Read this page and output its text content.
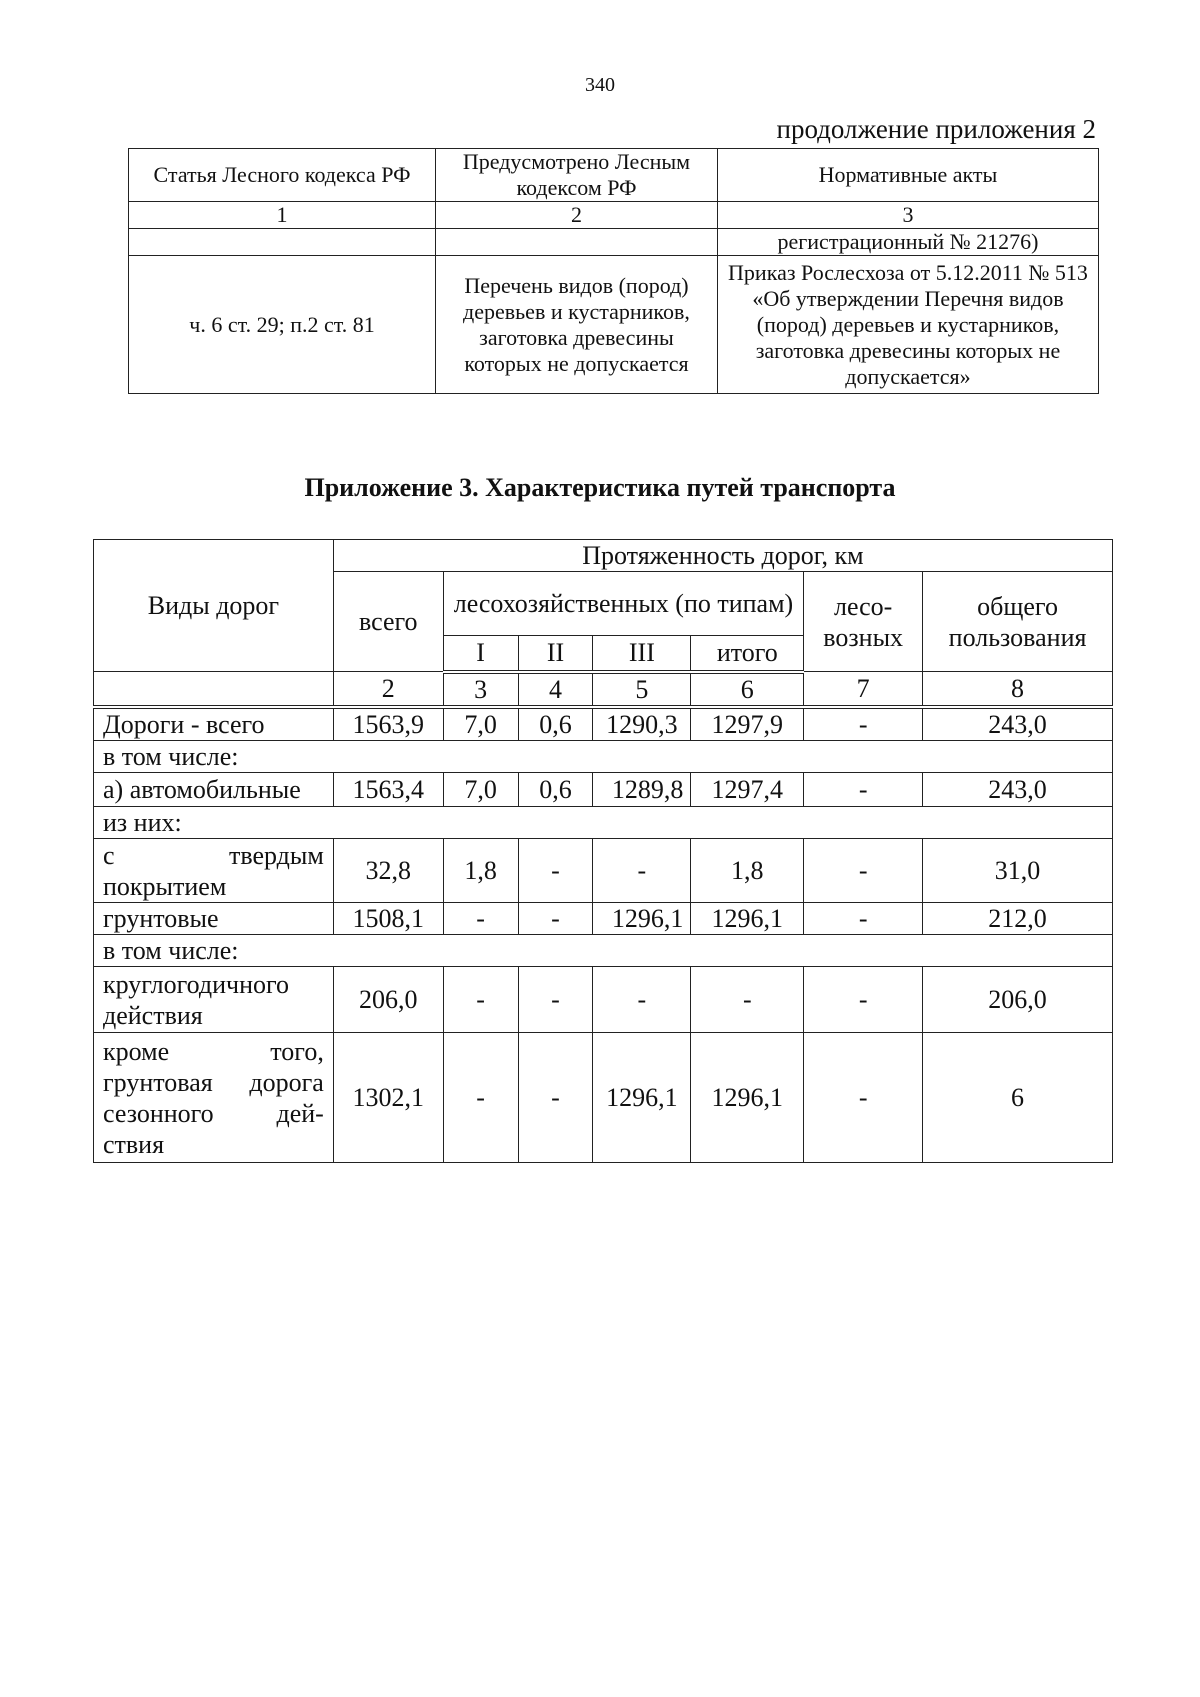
340
продолжение приложения 2
Статья Лесного кодекса РФ	Предусмотрено Лесным кодексом РФ	Нормативные акты
1	2	3
		регистрационный № 21276)
ч. 6 ст. 29; п.2 ст. 81	Перечень видов (пород) деревьев и кустарников, заготовка древесины которых не допускается	Приказ Рослесхоза от 5.12.2011 № 513 «Об утверждении Перечня видов (пород) деревьев и кустарников, заготовка древесины которых не допускается»
Приложение 3. Характеристика путей транспорта
Виды дорог	Протяженность дорог, км						
	всего	лесохозяйственных (по типам)				лесо-возных	общего пользования
		I	II	III	итого		
	2	3	4	5	6	7	8
Дороги - всего	1563,9	7,0	0,6	1290,3	1297,9	-	243,0
в том числе:							
а) автомобильные	1563,4	7,0	0,6	1289,8	1297,4	-	243,0
из них:							
с твердым покрытием	32,8	1,8	-	-	1,8	-	31,0
грунтовые	1508,1	-	-	1296,1	1296,1	-	212,0
в том числе:							
круглогодичного действия	206,0	-	-	-	-	-	206,0
кроме того, грунтовая дорога сезонного дей-ствия	1302,1	-	-	1296,1	1296,1	-	6
